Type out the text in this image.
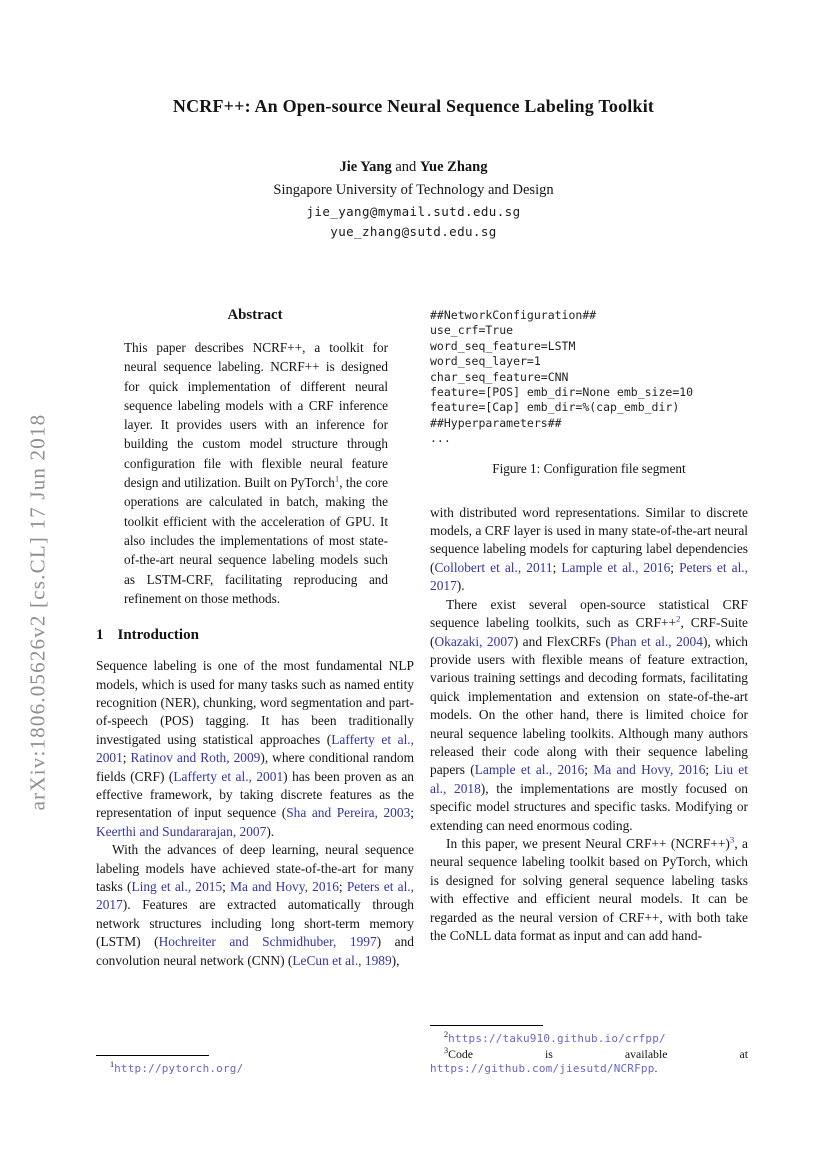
arXiv:1806.05626v2 [cs.CL] 17 Jun 2018
NCRF++: An Open-source Neural Sequence Labeling Toolkit
Jie Yang and Yue Zhang
Singapore University of Technology and Design
jie_yang@mymail.sutd.edu.sg
yue_zhang@sutd.edu.sg
Abstract
This paper describes NCRF++, a toolkit for neural sequence labeling. NCRF++ is designed for quick implementation of different neural sequence labeling models with a CRF inference layer. It provides users with an inference for building the custom model structure through configuration file with flexible neural feature design and utilization. Built on PyTorch$^1$, the core operations are calculated in batch, making the toolkit efficient with the acceleration of GPU. It also includes the implementations of most state-of-the-art neural sequence labeling models such as LSTM-CRF, facilitating reproducing and refinement on those methods.
1 Introduction
Sequence labeling is one of the most fundamental NLP models, which is used for many tasks such as named entity recognition (NER), chunking, word segmentation and part-of-speech (POS) tagging. It has been traditionally investigated using statistical approaches (Lafferty et al., 2001; Ratinov and Roth, 2009), where conditional random fields (CRF) (Lafferty et al., 2001) has been proven as an effective framework, by taking discrete features as the representation of input sequence (Sha and Pereira, 2003; Keerthi and Sundararajan, 2007).
With the advances of deep learning, neural sequence labeling models have achieved state-of-the-art for many tasks (Ling et al., 2015; Ma and Hovy, 2016; Peters et al., 2017). Features are extracted automatically through network structures including long short-term memory (LSTM) (Hochreiter and Schmidhuber, 1997) and convolution neural network (CNN) (LeCun et al., 1989),
$^1$http://pytorch.org/
##NetworkConfiguration##
use_crf=True
word_seq_feature=LSTM
word_seq_layer=1
char_seq_feature=CNN
feature=[POS] emb_dir=None emb_size=10
feature=[Cap] emb_dir=%(cap_emb_dir)
##Hyperparameters##
...
Figure 1: Configuration file segment
with distributed word representations. Similar to discrete models, a CRF layer is used in many state-of-the-art neural sequence labeling models for capturing label dependencies (Collobert et al., 2011; Lample et al., 2016; Peters et al., 2017).
There exist several open-source statistical CRF sequence labeling toolkits, such as CRF++$^2$, CRF-Suite (Okazaki, 2007) and FlexCRFs (Phan et al., 2004), which provide users with flexible means of feature extraction, various training settings and decoding formats, facilitating quick implementation and extension on state-of-the-art models. On the other hand, there is limited choice for neural sequence labeling toolkits. Although many authors released their code along with their sequence labeling papers (Lample et al., 2016; Ma and Hovy, 2016; Liu et al., 2018), the implementations are mostly focused on specific model structures and specific tasks. Modifying or extending can need enormous coding.
In this paper, we present Neural CRF++ (NCRF++)$^3$, a neural sequence labeling toolkit based on PyTorch, which is designed for solving general sequence labeling tasks with effective and efficient neural models. It can be regarded as the neural version of CRF++, with both take the CoNLL data format as input and can add hand-
$^2$https://taku910.github.io/crfpp/
$^3$Code is available at https://github.com/jiesutd/NCRFpp.
